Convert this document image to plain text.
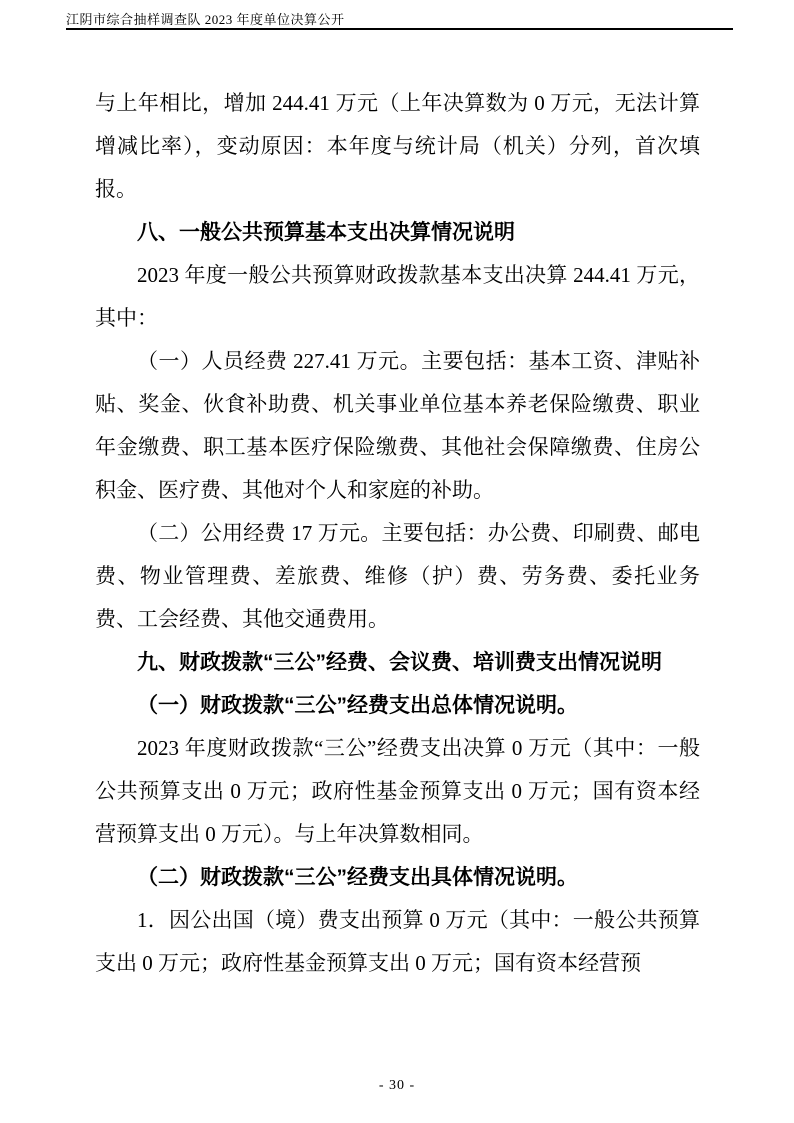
江阴市综合抽样调查队 2023 年度单位决算公开

与上年相比，增加 244.41 万元（上年决算数为 0 万元，无法计算增减比率），变动原因：本年度与统计局（机关）分列，首次填报。

八、一般公共预算基本支出决算情况说明

2023 年度一般公共预算财政拨款基本支出决算 244.41 万元，其中：

（一）人员经费 227.41 万元。主要包括：基本工资、津贴补贴、奖金、伙食补助费、机关事业单位基本养老保险缴费、职业年金缴费、职工基本医疗保险缴费、其他社会保障缴费、住房公积金、医疗费、其他对个人和家庭的补助。

（二）公用经费 17 万元。主要包括：办公费、印刷费、邮电费、物业管理费、差旅费、维修（护）费、劳务费、委托业务费、工会经费、其他交通费用。

九、财政拨款“三公”经费、会议费、培训费支出情况说明

（一）财政拨款“三公”经费支出总体情况说明。

2023 年度财政拨款“三公”经费支出决算 0 万元（其中：一般公共预算支出 0 万元；政府性基金预算支出 0 万元；国有资本经营预算支出 0 万元）。与上年决算数相同。

（二）财政拨款“三公”经费支出具体情况说明。

1．因公出国（境）费支出预算 0 万元（其中：一般公共预算支出 0 万元；政府性基金预算支出 0 万元；国有资本经营预

- 30 -
